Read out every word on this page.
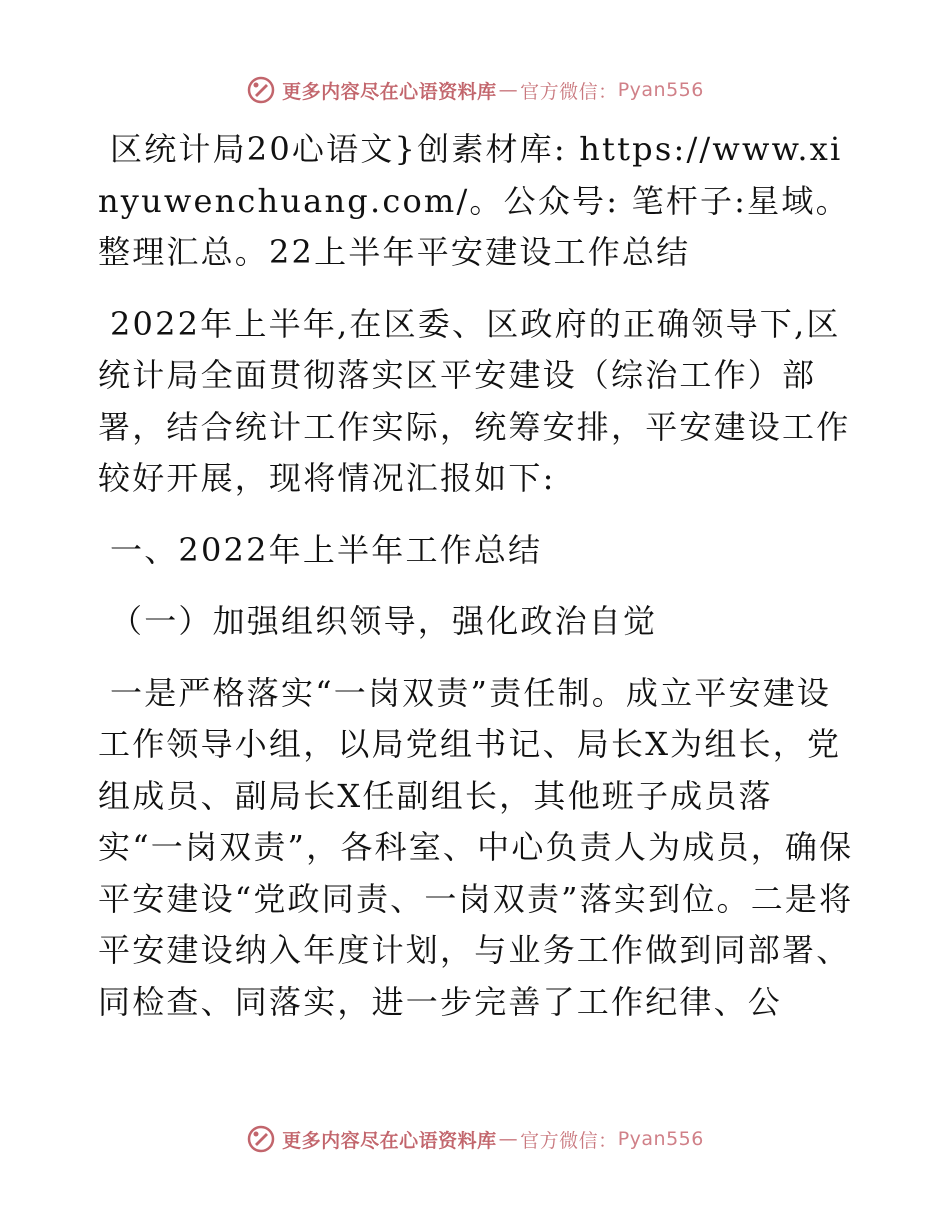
更多内容尽在心语资料库 — 官方微信： Pyan556

区统计局20心语文}创素材库: https://www.xinyuwenchuang.com/。公众号: 笔杆子:星域。整理汇总。22上半年平安建设工作总结

2022年上半年,在区委、区政府的正确领导下,区统计局全面贯彻落实区平安建设（综治工作）部署，结合统计工作实际，统筹安排，平安建设工作较好开展，现将情况汇报如下:

一、2022年上半年工作总结

（一）加强组织领导，强化政治自觉

一是严格落实“一岗双责”责任制。成立平安建设工作领导小组，以局党组书记、局长X为组长，党组成员、副局长X任副组长，其他班子成员落实“一岗双责”，各科室、中心负责人为成员，确保平安建设“党政同责、一岗双责”落实到位。二是将平安建设纳入年度计划，与业务工作做到同部署、同检查、同落实，进一步完善了工作纪律、公

更多内容尽在心语资料库 — 官方微信： Pyan556
